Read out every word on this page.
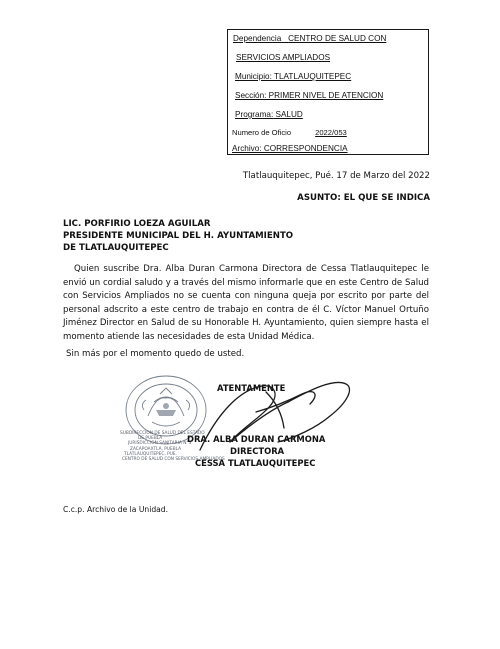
Dependencia CENTRO DE SALUD CON
SERVICIOS AMPLIADOS
Municipio: TLATLAUQUITEPEC
Sección: PRIMER NIVEL DE ATENCION
Programa: SALUD
Numero de Oficio	2022/053
Archivo: CORRESPONDENCIA
Tlatlauquitepec, Pué. 17 de Marzo del 2022
ASUNTO: EL QUE SE INDICA
LIC. PORFIRIO LOEZA AGUILAR
PRESIDENTE MUNICIPAL DEL H. AYUNTAMIENTO
DE TLATLAUQUITEPEC
Quien suscribe Dra. Alba Duran Carmona Directora de Cessa Tlatlauquitepec le envió un cordial saludo y a través del mismo informarle que en este Centro de Salud con Servicios Ampliados no se cuenta con ninguna queja por escrito por parte del personal adscrito a este centro de trabajo en contra de él C. Víctor Manuel Ortuño Jiménez Director en Salud de su Honorable H. Ayuntamiento, quien siempre hasta el momento atiende las necesidades de esta Unidad Médica.
Sin más por el momento quedo de usted.
SUBDIRECCION DE SALUD DEL ESTADO
DE PUEBLA
JURISDICCION SANITARIA N°3
ZACAPOAXTLA, PUEBLA
TLATLAUQUITEPEC, PUE.
CENTRO DE SALUD CON SERVICIOS AMPLIADOS
ATENTAMENTE
DRA. ALBA DURAN CARMONA
DIRECTORA
CESSA TLATLAUQUITEPEC
C.c.p. Archivo de la Unidad.
